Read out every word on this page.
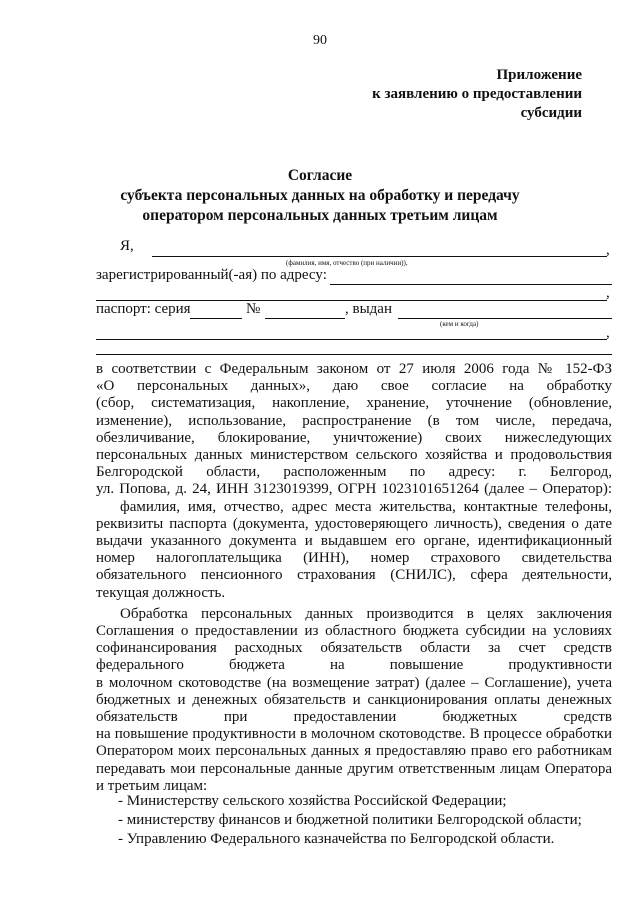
90
Приложение
к заявлению о предоставлении
субсидии
Согласие
субъекта персональных данных на обработку и передачу
оператором персональных данных третьим лицам
Я,	,
(фамилия, имя, отчество (при наличии)),
зарегистрированный(-ая) по адресу:
,
паспорт: серия	№	, выдан
(кем и когда)
,

в соответствии с Федеральным законом от 27 июля 2006 года № 152-ФЗ

«О персональных данных», даю свое согласие на обработку

(сбор, систематизация, накопление, хранение, уточнение (обновление,

изменение), использование, распространение (в том числе, передача,

обезличивание, блокирование, уничтожение) своих нижеследующих

персональных данных министерством сельского хозяйства и продовольствия

Белгородской области, расположенным по адресу: г. Белгород,

ул. Попова, д. 24, ИНН 3123019399, ОГРН 1023101651264 (далее – Оператор):

фамилия, имя, отчество, адрес места жительства, контактные телефоны,

реквизиты паспорта (документа, удостоверяющего личность), сведения о дате

выдачи указанного документа и выдавшем его органе, идентификационный

номер налогоплательщика (ИНН), номер страхового свидетельства

обязательного пенсионного страхования (СНИЛС), сфера деятельности,

текущая должность.

Обработка персональных данных производится в целях заключения

Соглашения о предоставлении из областного бюджета субсидии на условиях

софинансирования расходных обязательств области за счет средств

федерального бюджета на повышение продуктивности

в молочном скотоводстве (на возмещение затрат) (далее – Соглашение), учета

бюджетных и денежных обязательств и санкционирования оплаты денежных

обязательств при предоставлении бюджетных средств

на повышение продуктивности в молочном скотоводстве. В процессе обработки

Оператором моих персональных данных я предоставляю право его работникам

передавать мои персональные данные другим ответственным лицам Оператора

и третьим лицам:

- Министерству сельского хозяйства Российской Федерации;
- министерству финансов и бюджетной политики Белгородской области;
- Управлению Федерального казначейства по Белгородской области.
